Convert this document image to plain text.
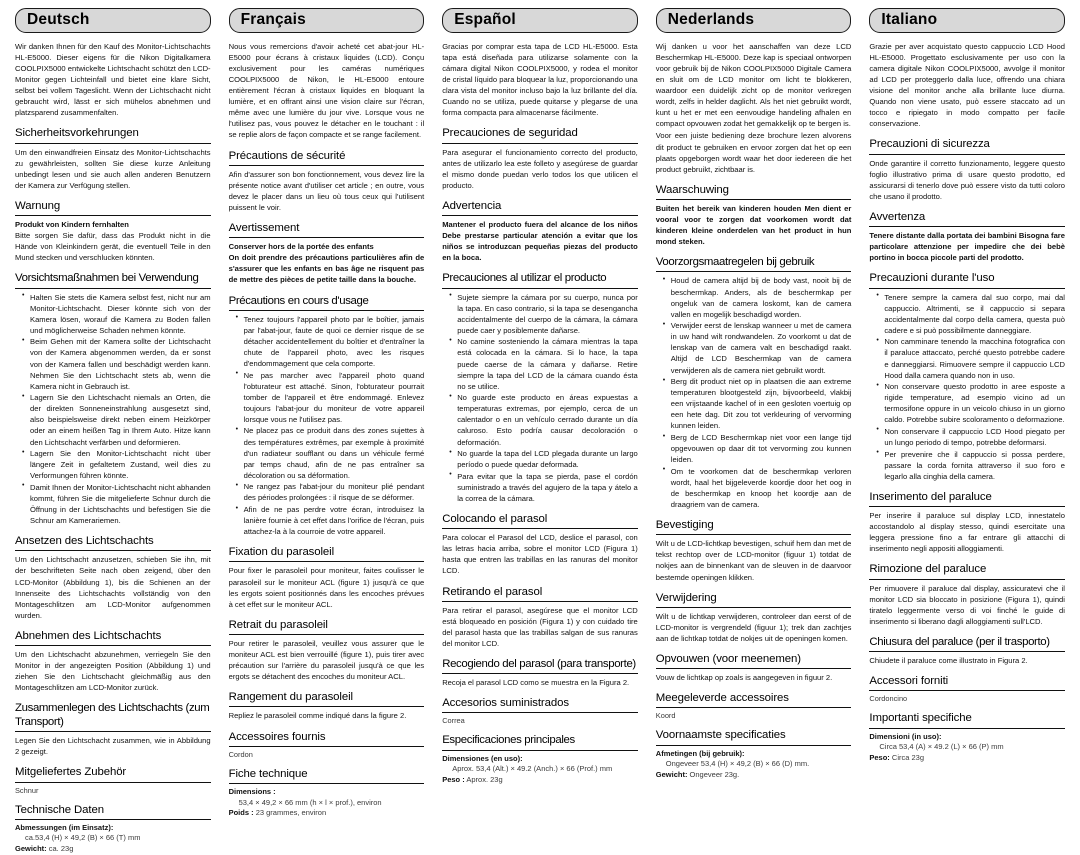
Deutsch

Wir danken Ihnen für den Kauf des Monitor-Lichtschachts HL-E5000. Dieser eigens für die Nikon Digitalkamera COOLPIX5000 entwickelte Lichtschacht schützt den LCD-Monitor gegen Lichteinfall und bietet eine klare Sicht, selbst bei vollem Tageslicht. Wenn der Lichtschacht nicht gebraucht wird, lässt er sich mühelos abnehmen und platzsparend zusammenfalten.

Sicherheitsvorkehrungen
Um den einwandfreien Einsatz des Monitor-Lichtschachts zu gewährleisten, sollten Sie diese kurze Anleitung unbedingt lesen und sie auch allen anderen Benutzern der Kamera zur Verfügung stellen.
Warnung
Produkt von Kindern fernhalten
Bitte sorgen Sie dafür, dass das Produkt nicht in die Hände von Kleinkindern gerät, die eventuell Teile in den Mund stecken und verschlucken könnten.
Vorsichtsmaßnahmen bei Verwendung
• Halten Sie stets die Kamera selbst fest, nicht nur am Monitor-Lichtschacht. Dieser könnte sich von der Kamera lösen, worauf die Kamera zu Boden fallen und möglicherweise Schaden nehmen könnte.
• Beim Gehen mit der Kamera sollte der Lichtschacht von der Kamera abgenommen werden, da er sonst von der Kamera fallen und beschädigt werden kann. Nehmen Sie den Lichtschacht stets ab, wenn die Kamera nicht in Gebrauch ist.
• Lagern Sie den Lichtschacht niemals an Orten, die der direkten Sonneneinstrahlung ausgesetzt sind, also beispielsweise direkt neben einem Heizkörper oder an einem heißen Tag in Ihrem Auto. Hitze kann den Lichtschacht verfärben und deformieren.
• Lagern Sie den Monitor-Lichtschacht nicht über längere Zeit in gefaltetem Zustand, weil dies zu Verformungen führen könnte.
• Damit Ihnen der Monitor-Lichtschacht nicht abhanden kommt, führen Sie die mitgelieferte Schnur durch die Öffnung in der Lichtschachts und befestigen Sie die Schnur am Kamerariemen.
Ansetzen des Lichtschachts
Um den Lichtschacht anzusetzen, schieben Sie ihn, mit der beschrifteten Seite nach oben zeigend, über den LCD-Monitor (Abbildung 1), bis die Schienen an der Innenseite des Lichtschachts vollständig von den Montageschlitzen am LCD-Monitor aufgenommen wurden.
Abnehmen des Lichtschachts
Um den Lichtschacht abzunehmen, verriegeln Sie den Monitor in der angezeigten Position (Abbildung 1) und ziehen Sie den Lichtschacht gleichmäßig aus den Montageschlitzen am LCD-Monitor zurück.
Zusammenlegen des Lichtschachts (zum Transport)
Legen Sie den Lichtschacht zusammen, wie in Abbildung 2 gezeigt.
Mitgeliefertes Zubehör
Schnur
Technische Daten
Abmessungen (im Einsatz):
ca.53,4 (H) × 49,2 (B) × 66 (T) mm
Gewicht: ca. 23g
Français

Nous vous remercions d'avoir acheté cet abat-jour HL-E5000 pour écrans à cristaux liquides (LCD). Conçu exclusivement pour les caméras numériques COOLPIX5000 de Nikon, le HL-E5000 entoure entièrement l'écran à cristaux liquides en bloquant la lumière, et en offrant ainsi une vision claire sur l'écran, même avec une lumière du jour vive. Lorsque vous ne l'utilisez pas, vous pouvez le détacher en le touchant : il se replie alors de façon compacte et se range facilement.

Précautions de sécurité
Afin d'assurer son bon fonctionnement, vous devez lire la présente notice avant d'utiliser cet article ; en outre, vous devez le placer dans un lieu où tous ceux qui l'utilisent puissent le voir.
Avertissement
Conserver hors de la portée des enfants
On doit prendre des précautions particulières afin de s'assurer que les enfants en bas âge ne risquent pas de mettre des pièces de petite taille dans la bouche.
Précautions en cours d'usage
• Tenez toujours l'appareil photo par le boîtier, jamais par l'abat-jour, faute de quoi ce dernier risque de se détacher accidentellement du boîtier et d'entraîner la chute de l'appareil photo, avec les risques d'endommagement que cela comporte.
• Ne pas marcher avec l'appareil photo quand l'obturateur est attaché. Sinon, l'obturateur pourrait tomber de l'appareil et être endommagé. Enlevez toujours l'abat-jour du moniteur de votre appareil lorsque vous ne l'utilisez pas.
• Ne placez pas ce produit dans des zones sujettes à des températures extrêmes, par exemple à proximité d'un radiateur soufflant ou dans un véhicule fermé par temps chaud, afin de ne pas entraîner sa décoloration ou sa déformation.
• Ne rangez pas l'abat-jour du moniteur plié pendant des périodes prolongées : il risque de se déformer.
• Afin de ne pas perdre votre écran, introduisez la lanière fournie à cet effet dans l'orifice de l'écran, puis attachez-la à la courroie de votre appareil.
Fixation du parasoleil
Pour fixer le parasoleil pour moniteur, faites coulisser le parasoleil sur le moniteur ACL (figure 1) jusqu'à ce que les ergots soient positionnés dans les encoches prévues à cet effet sur le moniteur ACL.
Retrait du parasoleil
Pour retirer le parasoleil, veuillez vous assurer que le moniteur ACL est bien verrouillé (figure 1), puis tirer avec précaution sur l'arrière du parasoleil jusqu'à ce que les ergots se détachent des encoches du moniteur ACL.
Rangement du parasoleil
Repliez le parasoleil comme indiqué dans la figure 2.
Accessoires fournis
Cordon
Fiche technique
Dimensions :
53,4 × 49,2 × 66 mm (h × l × prof.), environ
Poids : 23 grammes, environ
Español

Gracias por comprar esta tapa de LCD HL-E5000. Esta tapa está diseñada para utilizarse solamente con la cámara digital Nikon COOLPIX5000, y rodea el monitor de cristal líquido para bloquear la luz, proporcionando una clara vista del monitor incluso bajo la luz brillante del día. Cuando no se utiliza, puede quitarse y plegarse de una forma compacta para almacenarse fácilmente.

Precauciones de seguridad
Para asegurar el funcionamiento correcto del producto, antes de utilizarlo lea este folleto y asegúrese de guardar el mismo donde puedan verlo todos los que utilicen el producto.
Advertencia
Mantener el producto fuera del alcance de los niños Debe prestarse particular atención a evitar que los niños se introduzcan pequeñas piezas del producto en la boca.
Precauciones al utilizar el producto
• Sujete siempre la cámara por su cuerpo, nunca por la tapa. En caso contrario, si la tapa se desengancha accidentalmente del cuerpo de la cámara, la cámara puede caer y posiblemente dañarse.
• No camine sosteniendo la cámara mientras la tapa está colocada en la cámara. Si lo hace, la tapa puede caerse de la cámara y dañarse. Retire siempre la tapa del LCD de la cámara cuando ésta no se utilice.
• No guarde este producto en áreas expuestas a temperaturas extremas, por ejemplo, cerca de un calentador o en un vehículo cerrado durante un día caluroso. Esto podría causar decoloración o deformación.
• No guarde la tapa del LCD plegada durante un largo período o puede quedar deformada.
• Para evitar que la tapa se pierda, pase el cordón suministrado a través del agujero de la tapa y átelo a la correa de la cámara.
Colocando el parasol
Para colocar el Parasol del LCD, deslice el parasol, con las letras hacia arriba, sobre el monitor LCD (Figura 1) hasta que entren las trabillas en las ranuras del monitor LCD.
Retirando el parasol
Para retirar el parasol, asegúrese que el monitor LCD está bloqueado en posición (Figura 1) y con cuidado tire del parasol hasta que las trabillas salgan de sus ranuras del monitor LCD.
Recogiendo del parasol (para transporte)
Recoja el parasol LCD como se muestra en la Figura 2.
Accesorios suministrados
Correa
Especificaciones principales
Dimensiones (en uso):
Aprox. 53,4 (Alt.) × 49.2 (Anch.) × 66 (Prof.) mm
Peso : Aprox. 23g
Nederlands

Wij danken u voor het aanschaffen van deze LCD Beschermkap HL-E5000. Deze kap is speciaal ontworpen voor gebruik bij de Nikon COOLPIX5000 Digitale Camera en sluit om de LCD monitor om licht te blokkeren, waardoor een duidelijk zicht op de monitor verkregen wordt, zelfs in helder daglicht. Als het niet gebruikt wordt, kunt u het er met een eenvoudige handeling afhalen en compact opvouwen zodat het gemakkelijk op te bergen is.

Voor een juiste bediening deze brochure lezen alvorens dit product te gebruiken en ervoor zorgen dat het op een plaats opgeborgen wordt waar het door iedereen die het product gebruikt, zichtbaar is.

Waarschuwing
Buiten het bereik van kinderen houden Men dient er vooral voor te zorgen dat voorkomen wordt dat kinderen kleine onderdelen van het product in hun mond steken.
Voorzorgsmaatregelen bij gebruik
• Houd de camera altijd bij de body vast, nooit bij de beschermkap. Anders, als de beschermkap per ongeluk van de camera loskomt, kan de camera vallen en mogelijk beschadigd worden.
• Verwijder eerst de lenskap wanneer u met de camera in uw hand wilt rondwandelen. Zo voorkomt u dat de lenskap van de camera valt en beschadigd raakt. Altijd de LCD Beschermkap van de camera verwijderen als de camera niet gebruikt wordt.
• Berg dit product niet op in plaatsen die aan extreme temperaturen blootgesteld zijn, bijvoorbeeld, vlakbij een vrijstaande kachel of in een gesloten voertuig op een hete dag. Dit zou tot verkleuring of vervorming kunnen leiden.
• Berg de LCD Beschermkap niet voor een lange tijd opgevouwen op daar dit tot vervorming zou kunnen leiden.
• Om te voorkomen dat de beschermkap verloren wordt, haal het bijgeleverde koordje door het oog in de beschermkap en knoop het koordje aan de draagriem van de camera.
Bevestiging
Wilt u de LCD-lichtkap bevestigen, schuif hem dan met de tekst rechtop over de LCD-monitor (figuur 1) totdat de nokjes aan de binnenkant van de sleuven in de daarvoor bestemde openingen klikken.
Verwijdering
Wilt u de lichtkap verwijderen, controleer dan eerst of de LCD-monitor is vergrendeld (figuur 1); trek dan zachtjes aan de lichtkap totdat de nokjes uit de openingen komen.
Opvouwen (voor meenemen)
Vouw de lichtkap op zoals is aangegeven in figuur 2.
Meegeleverde accessoires
Koord
Voornaamste specificaties
Afmetingen (bij gebruik):
Ongeveer 53,4 (H) × 49,2 (B) × 66 (D) mm.
Gewicht: Ongeveer 23g.
Italiano

Grazie per aver acquistato questo cappuccio LCD Hood HL-E5000. Progettato esclusivamente per uso con la camera digitale Nikon COOLPIX5000, avvolge il monitor ad LCD per proteggerlo dalla luce, offrendo una chiara visione del monitor anche alla brillante luce diurna. Quando non viene usato, può essere staccato ad un tocco e ripiegato in modo compatto per facile conservazione.

Precauzioni di sicurezza
Onde garantire il corretto funzionamento, leggere questo foglio illustrativo prima di usare questo prodotto, ed assicurarsi di tenerlo dove può essere visto da tutti coloro che usano il prodotto.
Avvertenza
Tenere distante dalla portata dei bambini Bisogna fare particolare attenzione per impedire che dei bebè portino in bocca piccole parti del prodotto.
Precauzioni durante l'uso
• Tenere sempre la camera dal suo corpo, mai dal cappuccio. Altrimenti, se il cappuccio si separa accidentalmente dal corpo della camera, questa può cadere e si può possibilmente danneggiare.
• Non camminare tenendo la macchina fotografica con il paraluce attaccato, perché questo potrebbe cadere e danneggiarsi. Rimuovere sempre il cappuccio LCD Hood dalla camera quando non in uso.
• Non conservare questo prodotto in aree esposte a rigide temperature, ad esempio vicino ad un termosifone oppure in un veicolo chiuso in un giorno caldo. Potrebbe subire scoloramento o deformazione.
• Non conservare il cappuccio LCD Hood piegato per un lungo periodo di tempo, potrebbe deformarsi.
• Per prevenire che il cappuccio si possa perdere, passare la corda fornita attraverso il suo foro e legarlo alla cinghia della camera.
Inserimento del paraluce
Per inserire il paraluce sul display LCD, innestatelo accostandolo al display stesso, quindi esercitate una leggera pressione fino a far entrare gli attacchi di inserimento negli appositi alloggiamenti.
Rimozione del paraluce
Per rimuovere il paraluce dal display, assicuratevi che il monitor LCD sia bloccato in posizione (Figura 1), quindi tiratelo leggermente verso di voi finché le guide di inserimento si liberano dagli alloggiamenti sull'LCD.
Chiusura del paraluce (per il trasporto)
Chiudete il paraluce come illustrato in Figura 2.
Accessori forniti
Cordoncino
Importanti specifiche
Dimensioni (in uso):
Circa 53,4 (A) × 49.2 (L) × 66 (P) mm
Peso: Circa 23g
